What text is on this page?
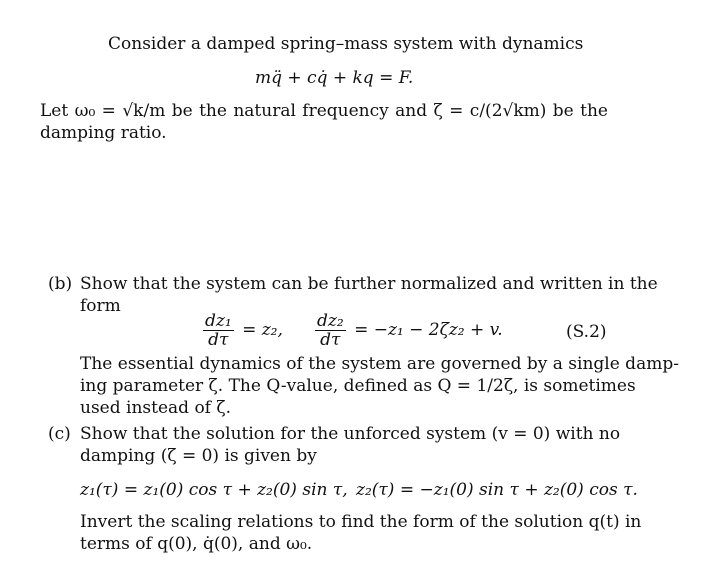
Consider a damped spring–mass system with dynamics
mq̈ + cq̇ + kq = F.
Let ω₀ = √k/m be the natural frequency and ζ = c/(2√km) be the
damping ratio.
(b) Show that the system can be further normalized and written in the
form
$\frac{\text{dz₁}}{d\tau} = z_2$, $\frac{\text{dz₂}}{d\tau} = -z_1 - 2\zeta z_2 + v$.	(S.2)
The essential dynamics of the system are governed by a single damp-
ing parameter ζ. The Q-value, defined as Q = 1/2ζ, is sometimes
used instead of ζ.
(c) Show that the solution for the unforced system (v = 0) with no
damping (ζ = 0) is given by
z₁(τ) = z₁(0) cos τ + z₂(0) sin τ, z₂(τ) = −z₁(0) sin τ + z₂(0) cos τ.
Invert the scaling relations to find the form of the solution q(t) in
terms of q(0), q̇(0), and ω₀.
